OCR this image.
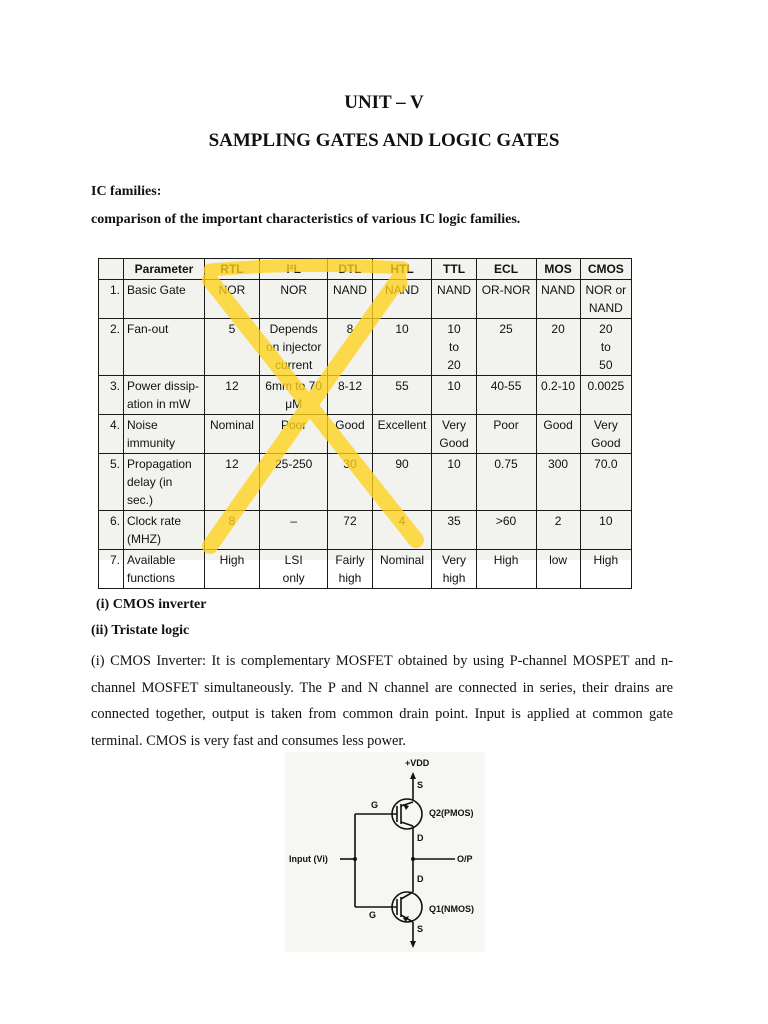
UNIT – V
SAMPLING GATES AND LOGIC GATES
IC families:
comparison of the important characteristics of various IC logic families.
	Parameter	RTL	I²L	DTL	HTL	TTL	ECL	MOS	CMOS
1.	Basic Gate	NOR	NOR	NAND	NAND	NAND	OR-NOR	NAND	NOR or
NAND
2.	Fan-out	5	Depends
on injector
current	8	10	10
to
20	25	20	20
to
50
3.	Power dissip-
ation in mW	12	6mm to 70
μM	8-12	55	10	40-55	0.2-10	0.0025
4.	Noise
immunity	Nominal	Poor	Good	Excellent	Very
Good	Poor	Good	Very
Good
5.	Propagation
delay (in sec.)	12	25-250	30	90	10	0.75	300	70.0
6.	Clock rate
(MHZ)	8	–	72	4	35	>60	2	10
7.	Available
functions	High	LSI
only	Fairly
high	Nominal	Very
high	High	low	High
(i) CMOS inverter
(ii) Tristate logic
(i) CMOS Inverter: It is complementary MOSFET obtained by using P-channel MOSPET and n-channel MOSFET simultaneously. The P and N channel are connected in series, their drains are connected together, output is taken from common drain point. Input is applied at common gate terminal. CMOS is very fast and consumes less power.
+VDD
S
G
Q2(PMOS)
D
Input (Vi)	O/P
D
G
Q1(NMOS)
S
